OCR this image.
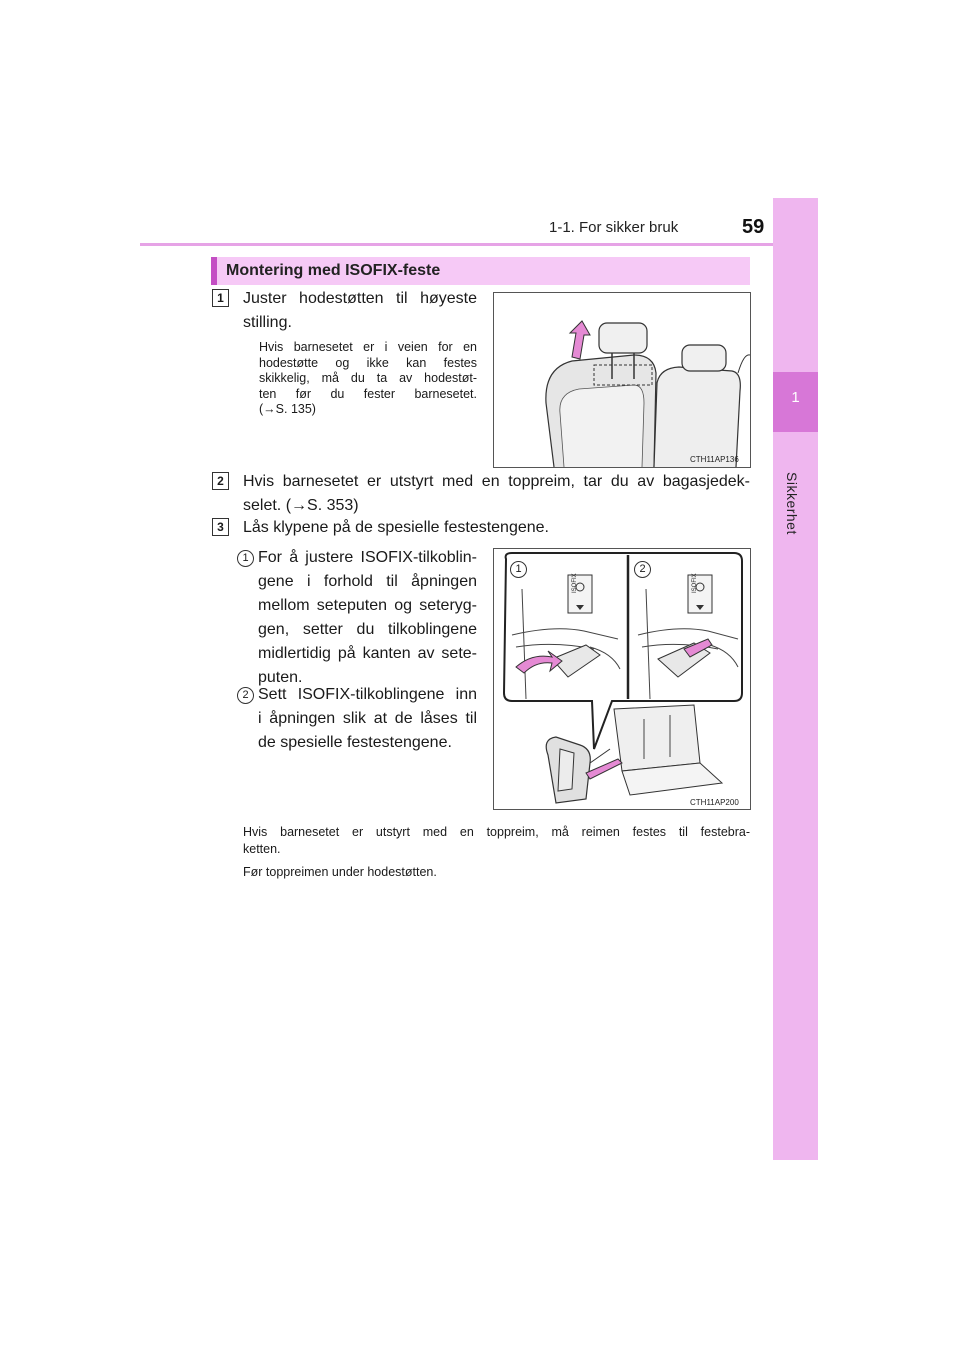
1-1. For sikker bruk	59
1
Sikkerhet
Montering med ISOFIX-feste
1	Juster hodestøtten til høyeste
stilling.
Hvis barnesetet er i veien for en
hodestøtte og ikke kan festes
skikkelig, må du ta av hodestøt-
ten før du fester barnesetet.
(→S. 135)
CTH11AP136
2	Hvis barnesetet er utstyrt med en toppreim, tar du av bagasjedek-
selet. (→S. 353)
3	Lås klypene på de spesielle festestengene.
1 For å justere ISOFIX-tilkoblin-
gene i forhold til åpningen
mellom seteputen og seteryg-
gen, setter du tilkoblingene
midlertidig på kanten av sete-
puten.
2 Sett ISOFIX-tilkoblingene inn
i åpningen slik at de låses til
de spesielle festestengene.
1	2
ISOFIX	ISOFIX
CTH11AP200
Hvis barnesetet er utstyrt med en toppreim, må reimen festes til festebra-
ketten.
Før toppreimen under hodestøtten.
